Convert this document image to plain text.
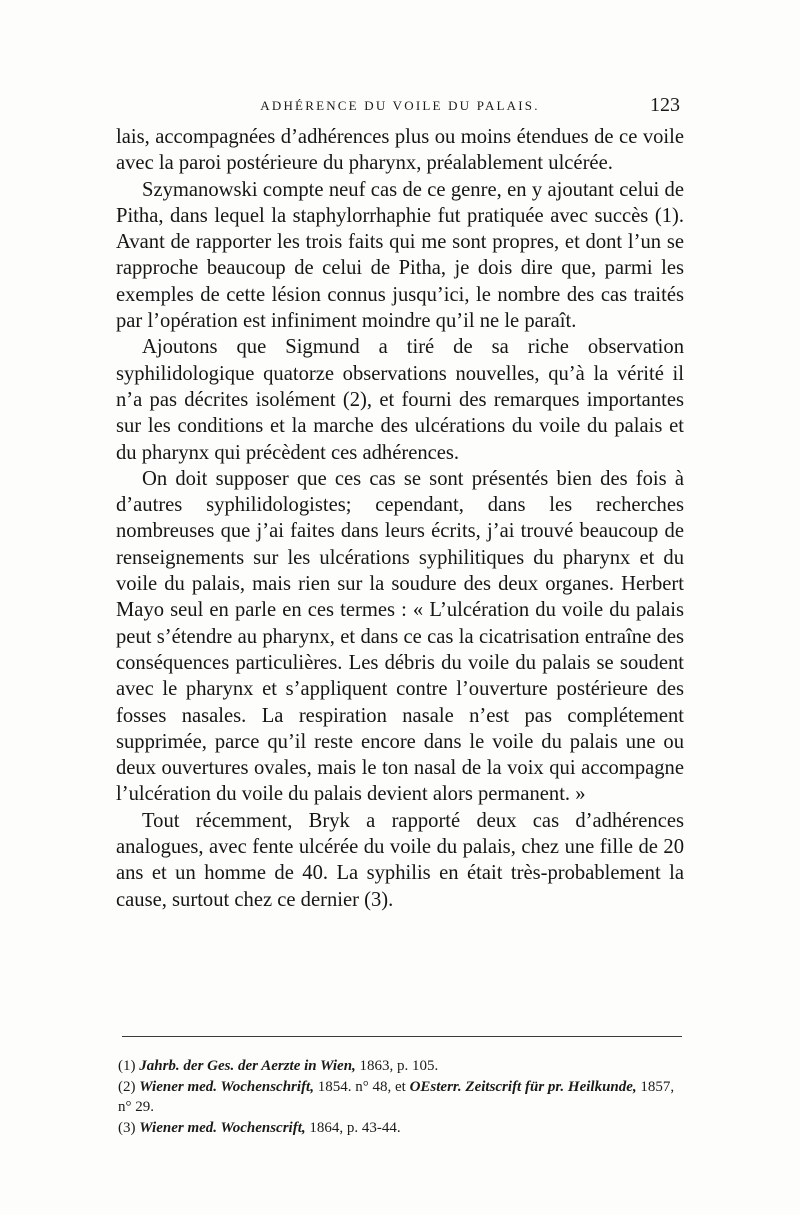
ADHÉRENCE DU VOILE DU PALAIS.	123

lais, accompagnées d’adhérences plus ou moins étendues de ce voile avec la paroi postérieure du pharynx, préalablement ulcérée.

Szymanowski compte neuf cas de ce genre, en y ajoutant celui de Pitha, dans lequel la staphylorrhaphie fut pratiquée avec succès (1). Avant de rapporter les trois faits qui me sont propres, et dont l’un se rapproche beaucoup de celui de Pitha, je dois dire que, parmi les exemples de cette lésion connus jusqu’ici, le nombre des cas traités par l’opération est infiniment moindre qu’il ne le paraît.

Ajoutons que Sigmund a tiré de sa riche observation syphilidologique quatorze observations nouvelles, qu’à la vérité il n’a pas décrites isolément (2), et fourni des remarques importantes sur les conditions et la marche des ulcérations du voile du palais et du pharynx qui précèdent ces adhérences.

On doit supposer que ces cas se sont présentés bien des fois à d’autres syphilidologistes; cependant, dans les recherches nombreuses que j’ai faites dans leurs écrits, j’ai trouvé beaucoup de renseignements sur les ulcérations syphilitiques du pharynx et du voile du palais, mais rien sur la soudure des deux organes. Herbert Mayo seul en parle en ces termes : « L’ulcération du voile du palais peut s’étendre au pharynx, et dans ce cas la cicatrisation entraîne des conséquences particulières. Les débris du voile du palais se soudent avec le pharynx et s’appliquent contre l’ouverture postérieure des fosses nasales. La respiration nasale n’est pas complétement supprimée, parce qu’il reste encore dans le voile du palais une ou deux ouvertures ovales, mais le ton nasal de la voix qui accompagne l’ulcération du voile du palais devient alors permanent. »

Tout récemment, Bryk a rapporté deux cas d’adhérences analogues, avec fente ulcérée du voile du palais, chez une fille de 20 ans et un homme de 40. La syphilis en était très-probablement la cause, surtout chez ce dernier (3).

(1) Jahrb. der Ges. der Aerzte in Wien, 1863, p. 105.

(2) Wiener med. Wochenschrift, 1854. n° 48, et OEsterr. Zeitscrift für pr. Heilkunde, 1857, n° 29.

(3) Wiener med. Wochenscrift, 1864, p. 43-44.
